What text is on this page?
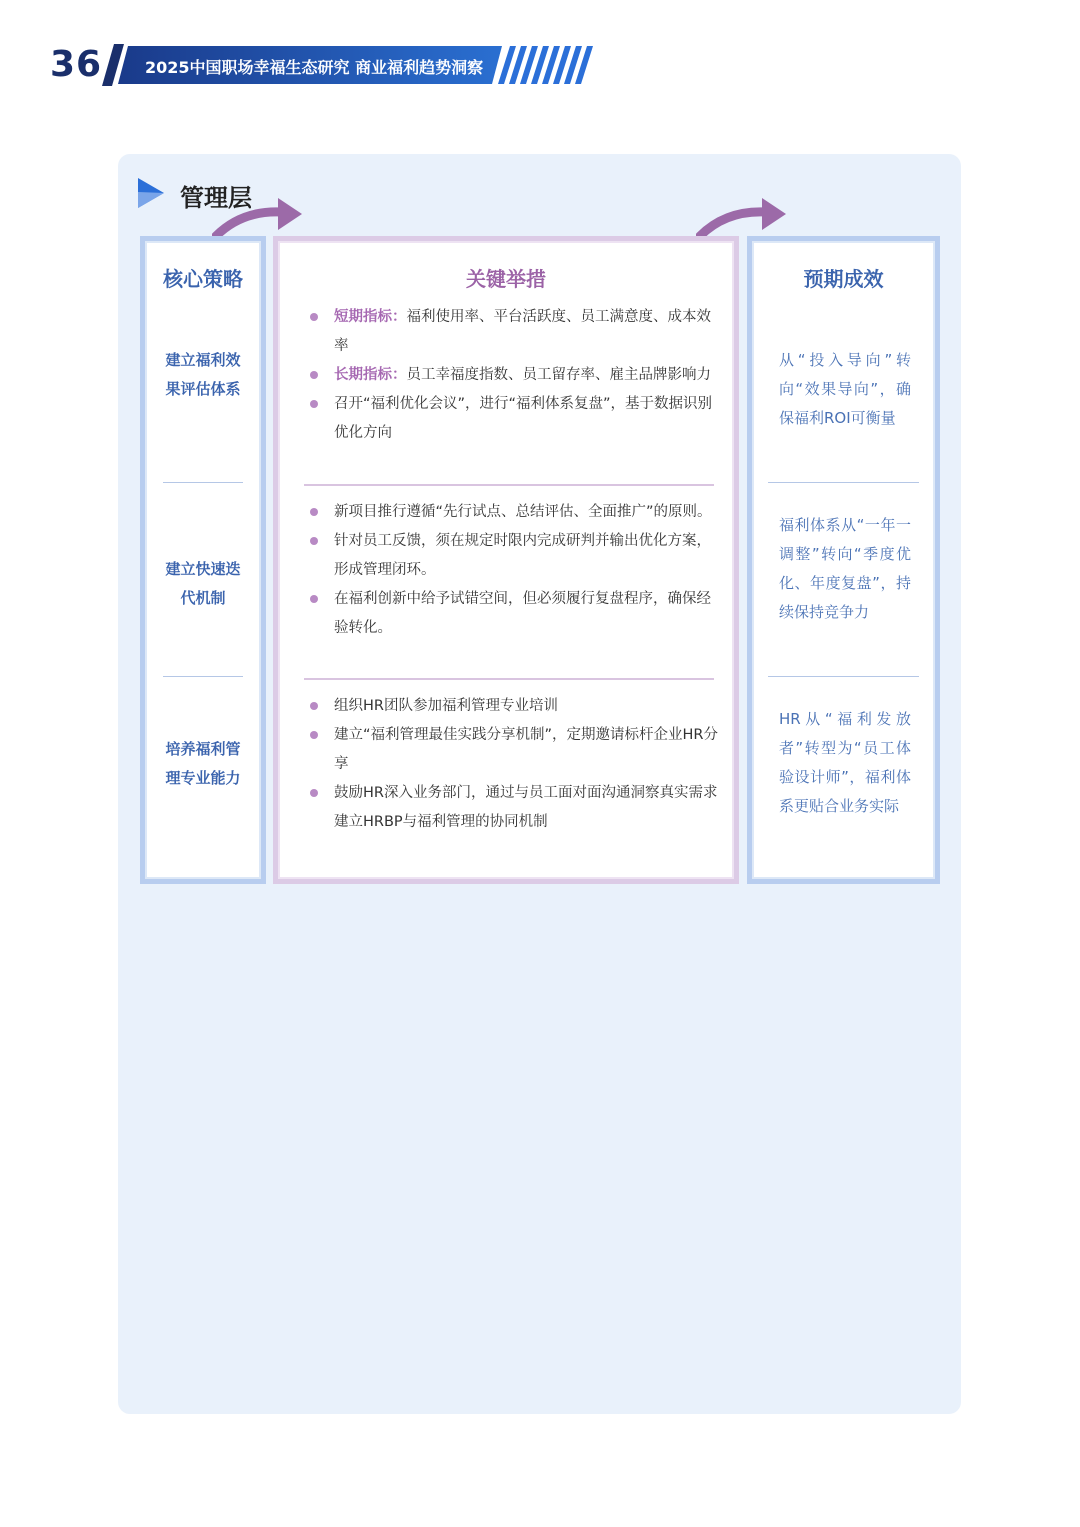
36	2025中国职场幸福生态研究 商业福利趋势洞察
管理层
核心策略
建立福利效果评估体系
建立快速迭代机制
培养福利管理专业能力
关键举措
短期指标：福利使用率、平台活跃度、员工满意度、成本效率
长期指标：员工幸福度指数、员工留存率、雇主品牌影响力
召开“福利优化会议”，进行“福利体系复盘”，基于数据识别优化方向
新项目推行遵循“先行试点、总结评估、全面推广”的原则。
针对员工反馈，须在规定时限内完成研判并输出优化方案，形成管理闭环。
在福利创新中给予试错空间，但必须履行复盘程序，确保经验转化。
组织HR团队参加福利管理专业培训
建立“福利管理最佳实践分享机制”，定期邀请标杆企业HR分享
鼓励HR深入业务部门，通过与员工面对面沟通洞察真实需求
建立HRBP与福利管理的协同机制
预期成效
从“投入导向”转向“效果导向”，确保福利ROI可衡量
福利体系从“一年一调整”转向“季度优化、年度复盘”，持续保持竞争力
HR从“福利发放者”转型为“员工体验设计师”，福利体系更贴合业务实际
